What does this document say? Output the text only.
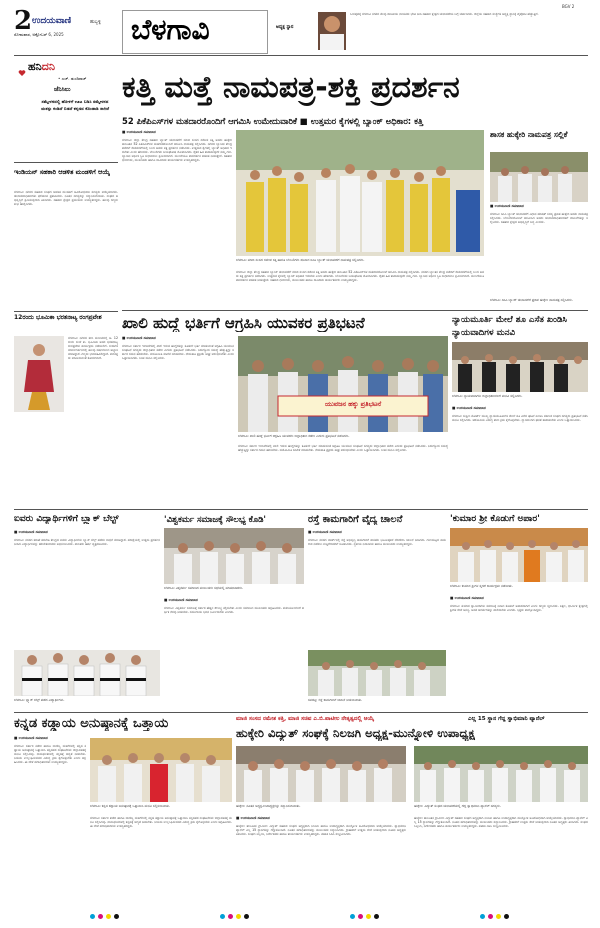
2 ಉದಯವಾಣಿ	ಹುಬ್ಬಳ್ಳಿ
ಸೋಮವಾರ, ಅಕ್ಟೋಬರ್ 6, 2025 ಬೆಳಗಾವಿ	ಅಧ್ಯಕ್ಷ ಸ್ಥಾನ
ಸಿಂಗಪುರಕ್ಕೆ ಬೆಳಗಾವಿ ನಗರದ ಕೆಲವು ರಾಜಕೀಯ ನಾಯಕರು ಭೇಟಿ ನೀಡಿ ಸಹಕಾರಿ ಕ್ಷೇತ್ರದ ಚುನಾವಣೆಯ ಬಗ್ಗೆ ಚರ್ಚಿಸಿದರು. ಜಿಲ್ಲೆಯ ಸಹಕಾರಿ ಸಂಸ್ಥೆಗಳ ಅಧ್ಯಕ್ಷ ಸ್ಥಾನಕ್ಕೆ ಪೈಪೋಟಿ ಹೆಚ್ಚುತ್ತಿದೆ.
BGV 2
ಹನಿದನಿ
• ಎಚ್. ಡುಂಡಿರಾಜ್
ಜೆನಿಸಿಲು
ಸಮ್ಮೇಳನದಲ್ಲಿ ಹೋಳಿಗೆ ಊಟ ಬಡಿಸಿ ಸಮ್ಮೇಳನದ ಯಶಸ್ಸು ಕಂಡಿದೆ ಬಿಡದೆ ಕನ್ನಡದ ಕೊಂಡಾಡಿ ಸಾಗಿದೆ
ಇಂಡಿಯನ್ ಸಹಕಾರಿ ಆಡಳಿತ ಮಂಡಳಿಗೆ ಆಯ್ಕೆ
ಬೆಳಗಾವಿ: ನಗರದ ಸಹಕಾರಿ ಸಂಘದ ಆಡಳಿತ ಮಂಡಳಿಗೆ ಅವಿರೋಧವಾಗಿ ಸದಸ್ಯರು ಆಯ್ಕೆಯಾದರು. ಚುನಾವಣಾಧಿಕಾರಿಗಳು ಫಲಿತಾಂಶ ಪ್ರಕಟಿಸಿದರು. ನೂತನ ಸದಸ್ಯರನ್ನು ಸನ್ಮಾನಿಸಲಾಯಿತು. ಸಂಘದ ಅಭಿವೃದ್ಧಿಗೆ ಶ್ರಮಿಸುವುದಾಗಿ ತಿಳಿಸಿದರು. ಸಹಕಾರಿ ಕ್ಷೇತ್ರದ ಪ್ರಮುಖರು ಉಪಸ್ಥಿತರಿದ್ದರು. ಹಲವು ಗಣ್ಯರು ಶುಭ ಹಾರೈಸಿದರು.
12ರಂದು ಭೂಮಿಕಾ ಭರತನಾಟ್ಯ ರಂಗಪ್ರವೇಶ
ಬೆಳಗಾವಿ: ನಗರದ ಕಲಾ ಮಂದಿರದಲ್ಲಿ ಅ. 12ರಂದು ಸಂಜೆ ಕು. ಭೂಮಿಕಾ ಅವರ ಭರತನಾಟ್ಯ ರಂಗಪ್ರವೇಶ ಕಾರ್ಯಕ್ರಮ ನಡೆಯಲಿದೆ. ಗುರುಗಳ ಮಾರ್ಗದರ್ಶನದಲ್ಲಿ ಹಲವು ವರ್ಷಗಳಿಂದ ಅಭ್ಯಾಸ ಮಾಡಿದ್ದಾರೆ. ಗಣ್ಯರು ಭಾಗವಹಿಸಲಿದ್ದಾರೆ. ಕಲಾಸಕ್ತರು ಆಗಮಿಸುವಂತೆ ಕೋರಲಾಗಿದೆ.
ಕತ್ತಿ ಮತ್ತೆ ನಾಮಪತ್ರ-ಶಕ್ತಿ ಪ್ರದರ್ಶನ
52 ಪಿಕೆಪಿಎಸ್‌ಗಳ ಮತದಾರರೊಂದಿಗೆ ಆಗಮಿಸಿ ಉಮೇದುವಾರಿಕೆ ■ ಉತ್ತಮರ ಕೈಗಳಲ್ಲಿ ಬ್ಯಾಂಕ್ ಅಧಿಕಾರ: ಕತ್ತಿ
■ ಉದಯವಾಣಿ ಸಮಾಚಾರ
ಬೆಳಗಾವಿ: ಜಿಲ್ಲಾ ಕೇಂದ್ರ ಸಹಕಾರಿ ಬ್ಯಾಂಕ್ ಚುನಾವಣೆಗೆ ಮಾಜಿ ಸಂಸದ ರಮೇಶ ಕತ್ತಿ ಅವರು ಹುಕ್ಕೇರಿ ತಾಲೂಕಿನ 52 ಪಿಕೆಪಿಎಸ್‌ಗಳ ಮತದಾರರೊಂದಿಗೆ ಆಗಮಿಸಿ ನಾಮಪತ್ರ ಸಲ್ಲಿಸಿದರು. ನಗರದ ಬ್ಯಾಂಕಿನ ಕೇಂದ್ರ ಕಚೇರಿಗೆ ಮೆರವಣಿಗೆಯಲ್ಲಿ ಬಂದ ಅವರು ಶಕ್ತಿ ಪ್ರದರ್ಶನ ನಡೆಸಿದರು. ಉತ್ತಮರ ಕೈಗಳಲ್ಲಿ ಬ್ಯಾಂಕ್ ಅಧಿಕಾರ ಇರಬೇಕು ಎಂದು ಹೇಳಿದರು. ಬೆಂಬಲಿಗರು ಜಯಘೋಷ ಮೊಳಗಿಸಿದರು. ರೈತರ ಹಿತ ಕಾಪಾಡುವುದೇ ನಮ್ಮ ಗುರಿ. ಬ್ಯಾಂಕಿನ ಆರ್ಥಿಕ ಸ್ಥಿತಿ ಸುಧಾರಿಸಲು ಶ್ರಮಿಸಲಾಗಿದೆ. ಮುಂದೆಯೂ ಪಾರದರ್ಶಕ ಆಡಳಿತ ನೀಡುತ್ತೇವೆ. ಸಹಕಾರಿ ಧುರೀಣರು, ಮುಖಂಡರು ಹಾಗೂ ಸಾವಿರಾರು ಕಾರ್ಯಕರ್ತರು ಉಪಸ್ಥಿತರಿದ್ದರು.
ಬೆಳಗಾವಿ: ಮಾಜಿ ಸಂಸದ ರಮೇಶ ಕತ್ತಿ ಹಾಗೂ ಬೆಂಬಲಿಗರು ಶನಿವಾರ ಡಿಸಿಸಿ ಬ್ಯಾಂಕ್ ಚುನಾವಣೆಗೆ ನಾಮಪತ್ರ ಸಲ್ಲಿಸಿದರು.
ಬೆಳಗಾವಿ: ಜಿಲ್ಲಾ ಕೇಂದ್ರ ಸಹಕಾರಿ ಬ್ಯಾಂಕ್ ಚುನಾವಣೆಗೆ ಮಾಜಿ ಸಂಸದ ರಮೇಶ ಕತ್ತಿ ಅವರು ಹುಕ್ಕೇರಿ ತಾಲೂಕಿನ 52 ಪಿಕೆಪಿಎಸ್‌ಗಳ ಮತದಾರರೊಂದಿಗೆ ಆಗಮಿಸಿ ನಾಮಪತ್ರ ಸಲ್ಲಿಸಿದರು. ನಗರದ ಬ್ಯಾಂಕಿನ ಕೇಂದ್ರ ಕಚೇರಿಗೆ ಮೆರವಣಿಗೆಯಲ್ಲಿ ಬಂದ ಅವರು ಶಕ್ತಿ ಪ್ರದರ್ಶನ ನಡೆಸಿದರು. ಉತ್ತಮರ ಕೈಗಳಲ್ಲಿ ಬ್ಯಾಂಕ್ ಅಧಿಕಾರ ಇರಬೇಕು ಎಂದು ಹೇಳಿದರು. ಬೆಂಬಲಿಗರು ಜಯಘೋಷ ಮೊಳಗಿಸಿದರು. ರೈತರ ಹಿತ ಕಾಪಾಡುವುದೇ ನಮ್ಮ ಗುರಿ. ಬ್ಯಾಂಕಿನ ಆರ್ಥಿಕ ಸ್ಥಿತಿ ಸುಧಾರಿಸಲು ಶ್ರಮಿಸಲಾಗಿದೆ. ಮುಂದೆಯೂ ಪಾರದರ್ಶಕ ಆಡಳಿತ ನೀಡುತ್ತೇವೆ. ಸಹಕಾರಿ ಧುರೀಣರು, ಮುಖಂಡರು ಹಾಗೂ ಸಾವಿರಾರು ಕಾರ್ಯಕರ್ತರು ಉಪಸ್ಥಿತರಿದ್ದರು.
ಶಾಸಕ ಹುಕ್ಕೇರಿ ನಾಮಪತ್ರ ಸಲ್ಲಿಕೆ
■ ಉದಯವಾಣಿ ಸಮಾಚಾರ
ಬೆಳಗಾವಿ: ಡಿಸಿಸಿ ಬ್ಯಾಂಕ್ ಚುನಾವಣೆಗೆ ವಿಧಾನ ಪರಿಷತ್ ಸದಸ್ಯ ಪ್ರಕಾಶ ಹುಕ್ಕೇರಿ ಅವರು ನಾಮಪತ್ರ ಸಲ್ಲಿಸಿದರು. ಬೆಂಬಲಿಗರೊಂದಿಗೆ ಆಗಮಿಸಿದ ಅವರು ಚುನಾವಣಾಧಿಕಾರಿಗಳಿಗೆ ದಾಖಲೆಗಳನ್ನು ಸಲ್ಲಿಸಿದರು. ಸಹಕಾರಿ ಕ್ಷೇತ್ರದ ಅಭಿವೃದ್ಧಿಗೆ ಬದ್ಧ ಎಂದರು.
ಬೆಳಗಾವಿ: ಡಿಸಿಸಿ ಬ್ಯಾಂಕ್ ಚುನಾವಣೆಗೆ ಪ್ರಕಾಶ ಹುಕ್ಕೇರಿ ನಾಮಪತ್ರ ಸಲ್ಲಿಸಿದರು.
ಖಾಲಿ ಹುದ್ದೆ ಭರ್ತಿಗೆ ಆಗ್ರಹಿಸಿ ಯುವಕರ ಪ್ರತಿಭಟನೆ
■ ಉದಯವಾಣಿ ಸಮಾಚಾರ
ಬೆಳಗಾವಿ: ಸರ್ಕಾರಿ ಇಲಾಖೆಗಳಲ್ಲಿ ಖಾಲಿ ಇರುವ ಹುದ್ದೆಗಳನ್ನು ಕೂಡಲೇ ಭರ್ತಿ ಮಾಡುವಂತೆ ಆಗ್ರಹಿಸಿ ಯುವಜನ ಸಂಘಟನೆ ಸದಸ್ಯರು ಜಿಲ್ಲಾಧಿಕಾರಿ ಕಚೇರಿ ಎದುರು ಪ್ರತಿಭಟನೆ ನಡೆಸಿದರು. ನಿರುದ್ಯೋಗ ಸಮಸ್ಯೆ ಹೆಚ್ಚುತ್ತಿದ್ದು ಸರ್ಕಾರ ಗಮನ ಹರಿಸಬೇಕು. ವಯೋಮಿತಿ ಸಡಿಲಿಕೆ ಮಾಡಬೇಕು. ನೇಮಕಾತಿ ಪ್ರಕ್ರಿಯೆ ಶೀಘ್ರ ಆರಂಭಿಸಬೇಕು ಎಂದು ಒತ್ತಾಯಿಸಿದರು. ಬಳಿಕ ಮನವಿ ಸಲ್ಲಿಸಿದರು.
ಯುವಜನ ಹಕ್ಕು ಪ್ರತಿಭಟನೆ
ಬೆಳಗಾವಿ: ಖಾಲಿ ಹುದ್ದೆ ಭರ್ತಿಗೆ ಆಗ್ರಹಿಸಿ ಯುವಕರು ಜಿಲ್ಲಾಧಿಕಾರಿ ಕಚೇರಿ ಎದುರು ಪ್ರತಿಭಟನೆ ನಡೆಸಿದರು.
ಬೆಳಗಾವಿ: ಸರ್ಕಾರಿ ಇಲಾಖೆಗಳಲ್ಲಿ ಖಾಲಿ ಇರುವ ಹುದ್ದೆಗಳನ್ನು ಕೂಡಲೇ ಭರ್ತಿ ಮಾಡುವಂತೆ ಆಗ್ರಹಿಸಿ ಯುವಜನ ಸಂಘಟನೆ ಸದಸ್ಯರು ಜಿಲ್ಲಾಧಿಕಾರಿ ಕಚೇರಿ ಎದುರು ಪ್ರತಿಭಟನೆ ನಡೆಸಿದರು. ನಿರುದ್ಯೋಗ ಸಮಸ್ಯೆ ಹೆಚ್ಚುತ್ತಿದ್ದು ಸರ್ಕಾರ ಗಮನ ಹರಿಸಬೇಕು. ವಯೋಮಿತಿ ಸಡಿಲಿಕೆ ಮಾಡಬೇಕು. ನೇಮಕಾತಿ ಪ್ರಕ್ರಿಯೆ ಶೀಘ್ರ ಆರಂಭಿಸಬೇಕು ಎಂದು ಒತ್ತಾಯಿಸಿದರು. ಬಳಿಕ ಮನವಿ ಸಲ್ಲಿಸಿದರು.
ನ್ಯಾಯಮೂರ್ತಿ ಮೇಲೆ ಶೂ ಎಸೆತ ಖಂಡಿಸಿ ನ್ಯಾಯವಾದಿಗಳ ಮನವಿ
ಬೆಳಗಾವಿ: ನ್ಯಾಯವಾದಿಗಳು ಜಿಲ್ಲಾಧಿಕಾರಿಗಳಿಗೆ ಮನವಿ ಸಲ್ಲಿಸಿದರು.
■ ಉದಯವಾಣಿ ಸಮಾಚಾರ
ಬೆಳಗಾವಿ: ಸುಪ್ರೀಂ ಕೋರ್ಟ್ ಮುಖ್ಯ ನ್ಯಾಯಮೂರ್ತಿಗಳ ಮೇಲೆ ಶೂ ಎಸೆದ ಘಟನೆ ಖಂಡಿಸಿ ವಕೀಲರ ಸಂಘದ ಸದಸ್ಯರು ಪ್ರತಿಭಟನೆ ನಡೆಸಿ ಮನವಿ ಸಲ್ಲಿಸಿದರು. ಆರೋಪಿಯ ವಿರುದ್ಧ ಕಠಿಣ ಕ್ರಮ ಕೈಗೊಳ್ಳಬೇಕು. ನ್ಯಾಯಾಂಗದ ಘನತೆ ಕಾಪಾಡಬೇಕು ಎಂದು ಒತ್ತಾಯಿಸಿದರು.
ಐವರು ವಿದ್ಯಾರ್ಥಿಗಳಿಗೆ ಬ್ಲ್ಯಾಕ್ ಬೆಲ್ಟ್
■ ಉದಯವಾಣಿ ಸಮಾಚಾರ
ಬೆಳಗಾವಿ: ನಗರದ ಕರಾಟೆ ತರಬೇತಿ ಕೇಂದ್ರದ ಐವರು ವಿದ್ಯಾರ್ಥಿಗಳು ಬ್ಲ್ಯಾಕ್ ಬೆಲ್ಟ್ ಪಡೆದು ಸಾಧನೆ ಮಾಡಿದ್ದಾರೆ. ಪರೀಕ್ಷೆಯಲ್ಲಿ ಉತ್ತಮ ಪ್ರದರ್ಶನ ನೀಡಿದ ವಿದ್ಯಾರ್ಥಿಗಳನ್ನು ತರಬೇತುದಾರರು ಅಭಿನಂದಿಸಿದರು. ಪಾಲಕರು ಹರ್ಷ ವ್ಯಕ್ತಪಡಿಸಿದರು.
ಬೆಳಗಾವಿ: ಬ್ಲ್ಯಾಕ್ ಬೆಲ್ಟ್ ಪಡೆದ ವಿದ್ಯಾರ್ಥಿಗಳು.
'ವಿಶ್ವಕರ್ಮ ಸಮಾಜಕ್ಕೆ ಸೌಲಭ್ಯ ಕೊಡಿ'
ಬೆಳಗಾವಿ: ವಿಶ್ವಕರ್ಮ ಸಮಾಜದ ಮುಖಂಡರು ಸಭೆಯಲ್ಲಿ ಮಾತನಾಡಿದರು.
■ ಉದಯವಾಣಿ ಸಮಾಚಾರ
ಬೆಳಗಾವಿ: ವಿಶ್ವಕರ್ಮ ಸಮಾಜಕ್ಕೆ ಸರ್ಕಾರ ಹೆಚ್ಚಿನ ಸೌಲಭ್ಯ ಕಲ್ಪಿಸಬೇಕು ಎಂದು ಸಮಾಜದ ಮುಖಂಡರು ಆಗ್ರಹಿಸಿದರು. ಕುಶಲಕರ್ಮಿಗಳಿಗೆ ಆರ್ಥಿಕ ನೆರವು ನೀಡಬೇಕು. ಸಮುದಾಯ ಭವನ ನಿರ್ಮಿಸಬೇಕು ಎಂದರು.
ರಸ್ತೆ ಕಾಮಗಾರಿಗೆ ವೈದ್ಯ ಚಾಲನೆ
■ ಉದಯವಾಣಿ ಸಮಾಚಾರ
ಬೆಳಗಾವಿ: ನಗರದ ವಾರ್ಡ್‌ನಲ್ಲಿ ರಸ್ತೆ ಅಭಿವೃದ್ಧಿ ಕಾಮಗಾರಿಗೆ ಶಾಸಕರು ಭೂಮಿಪೂಜೆ ನೆರವೇರಿಸಿ ಚಾಲನೆ ನೀಡಿದರು. ಗುಣಮಟ್ಟದ ಕಾಮಗಾರಿ ನಡೆಸಲು ಗುತ್ತಿಗೆದಾರರಿಗೆ ಸೂಚಿಸಿದರು. ಸ್ಥಳೀಯ ನಿವಾಸಿಗಳು ಹಾಗೂ ಮುಖಂಡರು ಉಪಸ್ಥಿತರಿದ್ದರು.
ಸವದತ್ತಿ: ರಸ್ತೆ ಕಾಮಗಾರಿಗೆ ಚಾಲನೆ ನೀಡಲಾಯಿತು.
'ಕುಮಾರ ಶ್ರೀ ಕೊಡುಗೆ ಅಪಾರ'
ಬೆಳಗಾವಿ: ಕುಮಾರ ಶ್ರೀಗಳ ಸ್ಮರಣೆ ಕಾರ್ಯಕ್ರಮ ನಡೆಯಿತು.
■ ಉದಯವಾಣಿ ಸಮಾಚಾರ
ಬೆಳಗಾವಿ: ಕುಮಾರ ಸ್ವಾಮೀಜಿಗಳು ಸಮಾಜಕ್ಕೆ ನೀಡಿದ ಕೊಡುಗೆ ಅಪಾರವಾಗಿದೆ ಎಂದು ಗಣ್ಯರು ಸ್ಮರಿಸಿದರು. ಶಿಕ್ಷಣ, ಧಾರ್ಮಿಕ ಕ್ಷೇತ್ರದಲ್ಲಿ ಶ್ರೀಗಳ ಸೇವೆ ಅನನ್ಯ. ಅವರ ಆದರ್ಶಗಳನ್ನು ಪಾಲಿಸಬೇಕು ಎಂದರು. ಭಕ್ತರು ಪಾಲ್ಗೊಂಡಿದ್ದರು.
ಕನ್ನಡ ಕಡ್ಡಾಯ ಅನುಷ್ಠಾನಕ್ಕೆ ಒತ್ತಾಯ
■ ಉದಯವಾಣಿ ಸಮಾಚಾರ
ಬೆಳಗಾವಿ: ಸರ್ಕಾರಿ ಕಚೇರಿ ಹಾಗೂ ವಾಣಿಜ್ಯ ಮಳಿಗೆಗಳಲ್ಲಿ ಕನ್ನಡ ಕಡ್ಡಾಯ ಅನುಷ್ಠಾನಕ್ಕೆ ಒತ್ತಾಯಿಸಿ ಕನ್ನಡಪರ ಸಂಘಟನೆಗಳು ಜಿಲ್ಲಾಡಳಿತಕ್ಕೆ ಮನವಿ ಸಲ್ಲಿಸಿದವು. ನಾಮಫಲಕಗಳಲ್ಲಿ ಕನ್ನಡಕ್ಕೆ ಆದ್ಯತೆ ನೀಡಬೇಕು. ನಿಯಮ ಉಲ್ಲಂಘಿಸುವವರ ವಿರುದ್ಧ ಕ್ರಮ ಕೈಗೊಳ್ಳಬೇಕು ಎಂದು ಆಗ್ರಹಿಸಿದರು. ಈ ವೇಳೆ ಪದಾಧಿಕಾರಿಗಳು ಉಪಸ್ಥಿತರಿದ್ದರು.
ಬೆಳಗಾವಿ: ಕನ್ನಡ ಕಡ್ಡಾಯ ಅನುಷ್ಠಾನಕ್ಕೆ ಒತ್ತಾಯಿಸಿ ಮನವಿ ಸಲ್ಲಿಸಲಾಯಿತು.
ಬೆಳಗಾವಿ: ಸರ್ಕಾರಿ ಕಚೇರಿ ಹಾಗೂ ವಾಣಿಜ್ಯ ಮಳಿಗೆಗಳಲ್ಲಿ ಕನ್ನಡ ಕಡ್ಡಾಯ ಅನುಷ್ಠಾನಕ್ಕೆ ಒತ್ತಾಯಿಸಿ ಕನ್ನಡಪರ ಸಂಘಟನೆಗಳು ಜಿಲ್ಲಾಡಳಿತಕ್ಕೆ ಮನವಿ ಸಲ್ಲಿಸಿದವು. ನಾಮಫಲಕಗಳಲ್ಲಿ ಕನ್ನಡಕ್ಕೆ ಆದ್ಯತೆ ನೀಡಬೇಕು. ನಿಯಮ ಉಲ್ಲಂಘಿಸುವವರ ವಿರುದ್ಧ ಕ್ರಮ ಕೈಗೊಳ್ಳಬೇಕು ಎಂದು ಆಗ್ರಹಿಸಿದರು. ಈ ವೇಳೆ ಪದಾಧಿಕಾರಿಗಳು ಉಪಸ್ಥಿತರಿದ್ದರು.
ಮಾಜಿ ಸಂಸದ ರಮೇಶ ಕತ್ತಿ, ಮಾಜಿ ಸಚಿವ ಎ.ಬಿ.ಪಾಟೀಲ ನೇತೃತ್ವದಲ್ಲಿ ಆಯ್ಕೆ	ಎಲ್ಲ 15 ಸ್ಥಾನ ಗೆದ್ದ ಸ್ವಾಭಿಮಾನಿ ಪ್ಯಾನೆಲ್
ಹುಕ್ಕೇರಿ ವಿದ್ಯುತ್ ಸಂಘಕ್ಕೆ ನಿಲಜಗಿ ಅಧ್ಯಕ್ಷ-ಮುನ್ನೋಳಿ ಉಪಾಧ್ಯಕ್ಷ
ಹುಕ್ಕೇರಿ: ನೂತನ ಅಧ್ಯಕ್ಷ-ಉಪಾಧ್ಯಕ್ಷರನ್ನು ಸನ್ಮಾನಿಸಲಾಯಿತು.	ಹುಕ್ಕೇರಿ: ವಿದ್ಯುತ್ ಸಂಘದ ಚುನಾವಣೆಯಲ್ಲಿ ಗೆದ್ದ ಸ್ವಾಭಿಮಾನಿ ಪ್ಯಾನೆಲ್ ಸದಸ್ಯರು.
■ ಉದಯವಾಣಿ ಸಮಾಚಾರ
ಹುಕ್ಕೇರಿ: ತಾಲೂಕಿನ ಗ್ರಾಮೀಣ ವಿದ್ಯುತ್ ಸಹಕಾರಿ ಸಂಘದ ಅಧ್ಯಕ್ಷರಾಗಿ ನಿಲಜಗಿ ಹಾಗೂ ಉಪಾಧ್ಯಕ್ಷರಾಗಿ ಮುನ್ನೋಳಿ ಅವಿರೋಧವಾಗಿ ಆಯ್ಕೆಯಾದರು. ಸ್ವಾಭಿಮಾನಿ ಪ್ಯಾನೆಲ್ ಎಲ್ಲ 15 ಸ್ಥಾನಗಳನ್ನು ಗೆದ್ದುಕೊಂಡಿದೆ. ನೂತನ ಪದಾಧಿಕಾರಿಗಳನ್ನು ಮುಖಂಡರು ಸನ್ಮಾನಿಸಿದರು. ಗ್ರಾಹಕರಿಗೆ ಉತ್ತಮ ಸೇವೆ ನೀಡುವುದಾಗಿ ನೂತನ ಅಧ್ಯಕ್ಷರು ತಿಳಿಸಿದರು. ಸಂಘದ ಸಿಬ್ಬಂದಿ, ನಿರ್ದೇಶಕರು ಹಾಗೂ ಕಾರ್ಯಕರ್ತರು ಉಪಸ್ಥಿತರಿದ್ದರು. ಪಟಾಕಿ ಸಿಡಿಸಿ ಸಂಭ್ರಮಿಸಿದರು.
ಹುಕ್ಕೇರಿ: ತಾಲೂಕಿನ ಗ್ರಾಮೀಣ ವಿದ್ಯುತ್ ಸಹಕಾರಿ ಸಂಘದ ಅಧ್ಯಕ್ಷರಾಗಿ ನಿಲಜಗಿ ಹಾಗೂ ಉಪಾಧ್ಯಕ್ಷರಾಗಿ ಮುನ್ನೋಳಿ ಅವಿರೋಧವಾಗಿ ಆಯ್ಕೆಯಾದರು. ಸ್ವಾಭಿಮಾನಿ ಪ್ಯಾನೆಲ್ ಎಲ್ಲ 15 ಸ್ಥಾನಗಳನ್ನು ಗೆದ್ದುಕೊಂಡಿದೆ. ನೂತನ ಪದಾಧಿಕಾರಿಗಳನ್ನು ಮುಖಂಡರು ಸನ್ಮಾನಿಸಿದರು. ಗ್ರಾಹಕರಿಗೆ ಉತ್ತಮ ಸೇವೆ ನೀಡುವುದಾಗಿ ನೂತನ ಅಧ್ಯಕ್ಷರು ತಿಳಿಸಿದರು. ಸಂಘದ ಸಿಬ್ಬಂದಿ, ನಿರ್ದೇಶಕರು ಹಾಗೂ ಕಾರ್ಯಕರ್ತರು ಉಪಸ್ಥಿತರಿದ್ದರು. ಪಟಾಕಿ ಸಿಡಿಸಿ ಸಂಭ್ರಮಿಸಿದರು.
